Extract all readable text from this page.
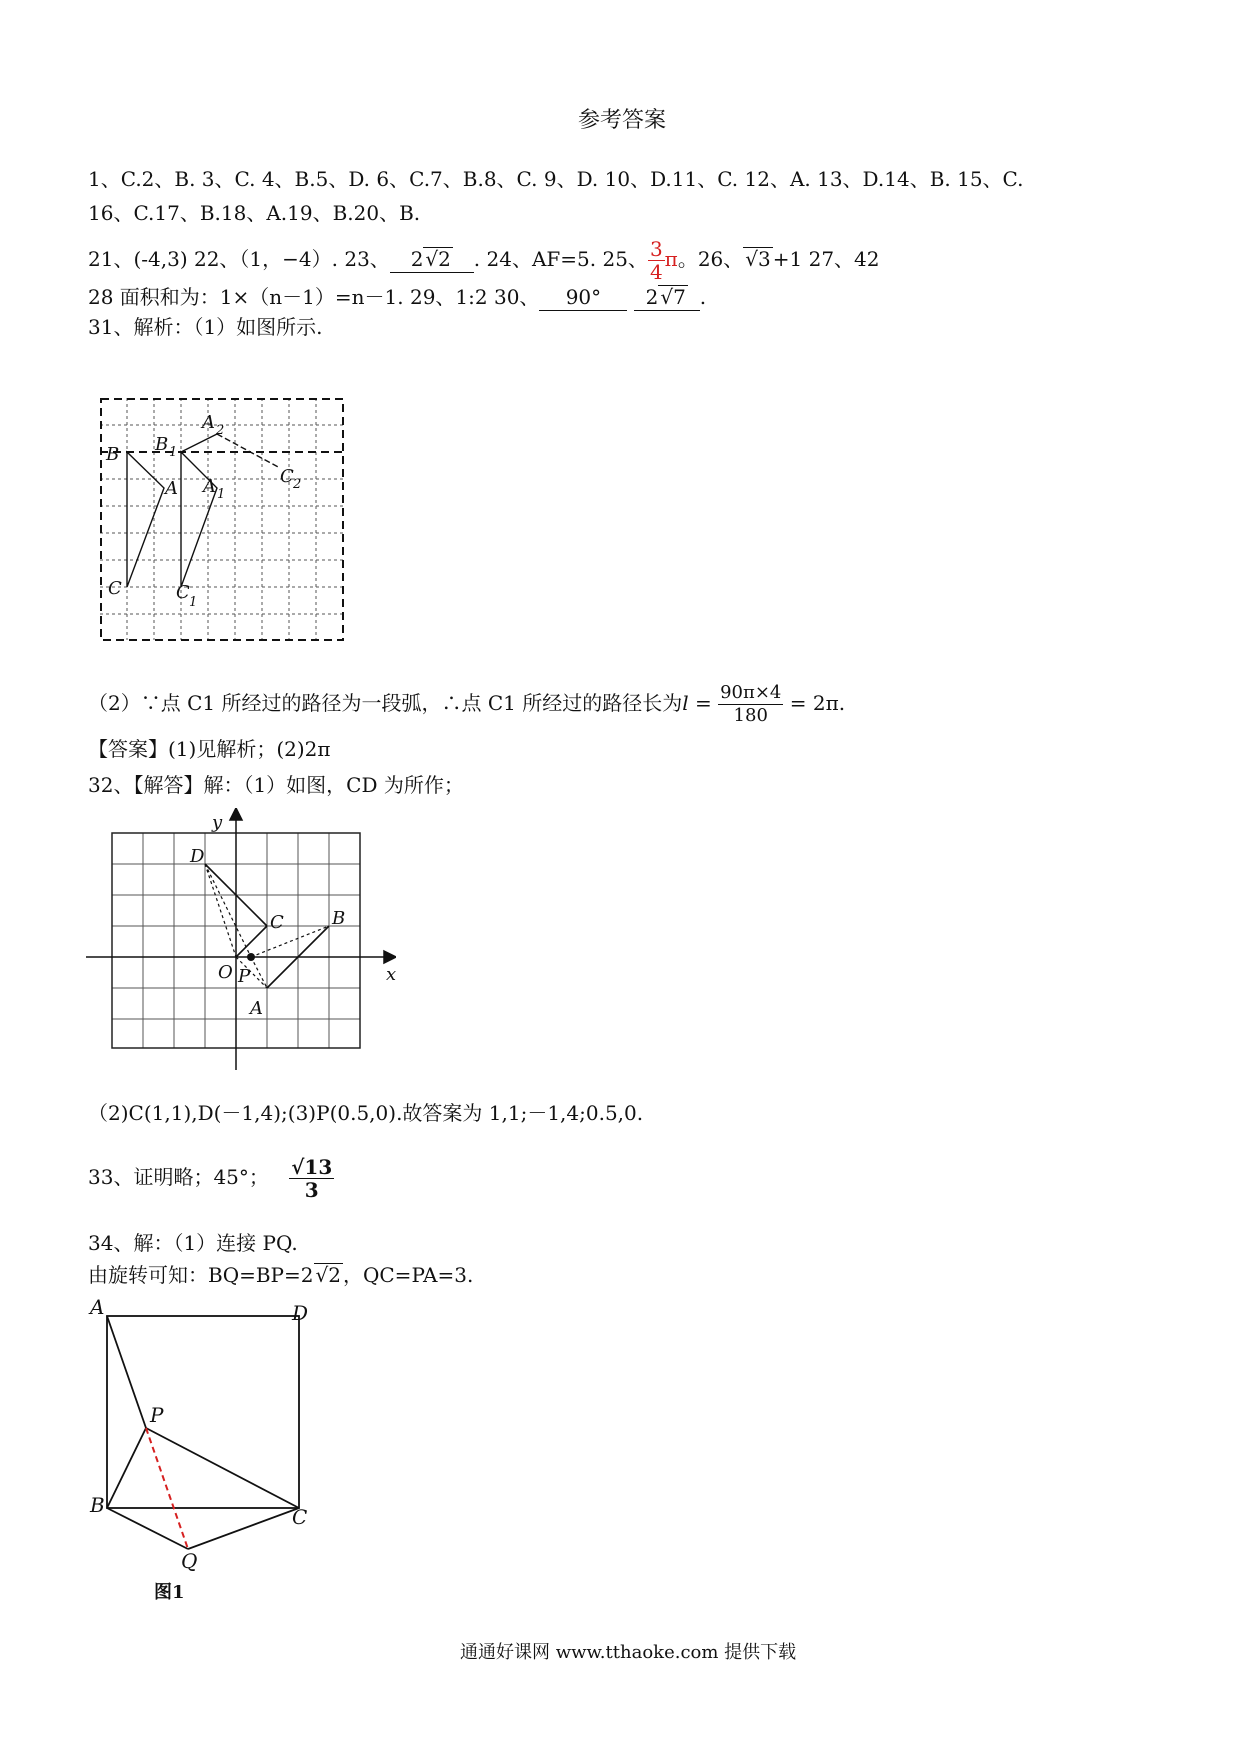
参考答案
1、C.2、B. 3、C. 4、B.5、D. 6、C.7、B.8、C. 9、D. 10、D.11、C. 12、A. 13、D.14、B. 15、C.
16、C.17、B.18、A.19、B.20、B.
21、(-4,3) 22、（1，−4）. 23、 2 √2 . 24、AF=5. 25、 $\frac{3}{4}$ π。26、 √3 +1 27、42
28 面积和为：1×（n－1）=n－1. 29、1:2 30、 90° 2 √7 .
31、解析：（1）如图所示.
B
A
C
B 1
A 1
C 1
A 2
C 2
（2）∵点 C1 所经过的路径为一段弧，∴点 C1 所经过的路径长为$l = \frac{90\pi\times 4}{180} = 2\pi$.
【答案】(1)见解析；(2)2π
32、【解答】解：（1）如图，CD 为所作；
x
y
D
C	B
O P
A
（2)C(1,1),D(－1,4);(3)P(0.5,0).故答案为 1,1;－1,4;0.5,0.
33、证明略；45°； $\frac{√13}{3}$
34、解：（1）连接 PQ.
由旋转可知：BQ=BP=2 √2 ，QC=PA=3.
A	D
P
B	C
Q
图1
通通好课网 www.tthaoke.com 提供下载
